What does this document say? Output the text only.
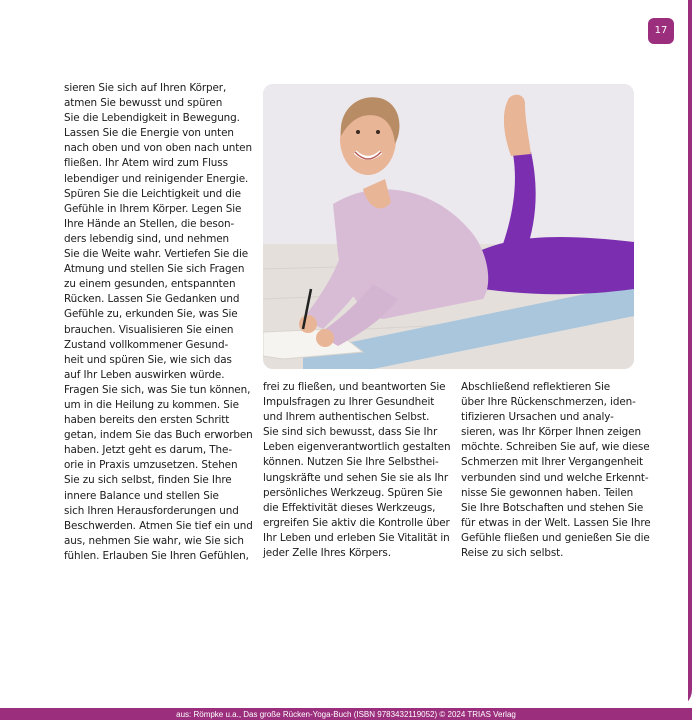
17
sieren Sie sich auf Ihren Körper,
atmen Sie bewusst und spüren
Sie die Lebendigkeit in Bewegung.
Lassen Sie die Energie von unten
nach oben und von oben nach unten
fließen. Ihr Atem wird zum Fluss
lebendiger und reinigender Energie.
Spüren Sie die Leichtigkeit und die
Gefühle in Ihrem Körper. Legen Sie
Ihre Hände an Stellen, die beson-
ders lebendig sind, und nehmen
Sie die Weite wahr. Vertiefen Sie die
Atmung und stellen Sie sich Fragen
zu einem gesunden, entspannten
Rücken. Lassen Sie Gedanken und
Gefühle zu, erkunden Sie, was Sie
brauchen. Visualisieren Sie einen
Zustand vollkommener Gesund-
heit und spüren Sie, wie sich das
auf Ihr Leben auswirken würde.
Fragen Sie sich, was Sie tun können,
um in die Heilung zu kommen. Sie
haben bereits den ersten Schritt
getan, indem Sie das Buch erworben
haben. Jetzt geht es darum, The-
orie in Praxis umzusetzen. Stehen
Sie zu sich selbst, finden Sie Ihre
innere Balance und stellen Sie
sich Ihren Herausforderungen und
Beschwerden. Atmen Sie tief ein und
aus, nehmen Sie wahr, wie Sie sich
fühlen. Erlauben Sie Ihren Gefühlen,
frei zu fließen, und beantworten Sie
Impulsfragen zu Ihrer Gesundheit
und Ihrem authentischen Selbst.
Sie sind sich bewusst, dass Sie Ihr
Leben eigenverantwortlich gestalten
können. Nutzen Sie Ihre Selbsthei-
lungskräfte und sehen Sie sie als Ihr
persönliches Werkzeug. Spüren Sie
die Effektivität dieses Werkzeugs,
ergreifen Sie aktiv die Kontrolle über
Ihr Leben und erleben Sie Vitalität in
jeder Zelle Ihres Körpers.
Abschließend reflektieren Sie
über Ihre Rückenschmerzen, iden-
tifizieren Ursachen und analy-
sieren, was Ihr Körper Ihnen zeigen
möchte. Schreiben Sie auf, wie diese
Schmerzen mit Ihrer Vergangenheit
verbunden sind und welche Erkennt-
nisse Sie gewonnen haben. Teilen
Sie Ihre Botschaften und stehen Sie
für etwas in der Welt. Lassen Sie Ihre
Gefühle fließen und genießen Sie die
Reise zu sich selbst.
aus: Römpke u.a., Das große Rücken-Yoga-Buch (ISBN 9783432119052) © 2024 TRIAS Verlag
